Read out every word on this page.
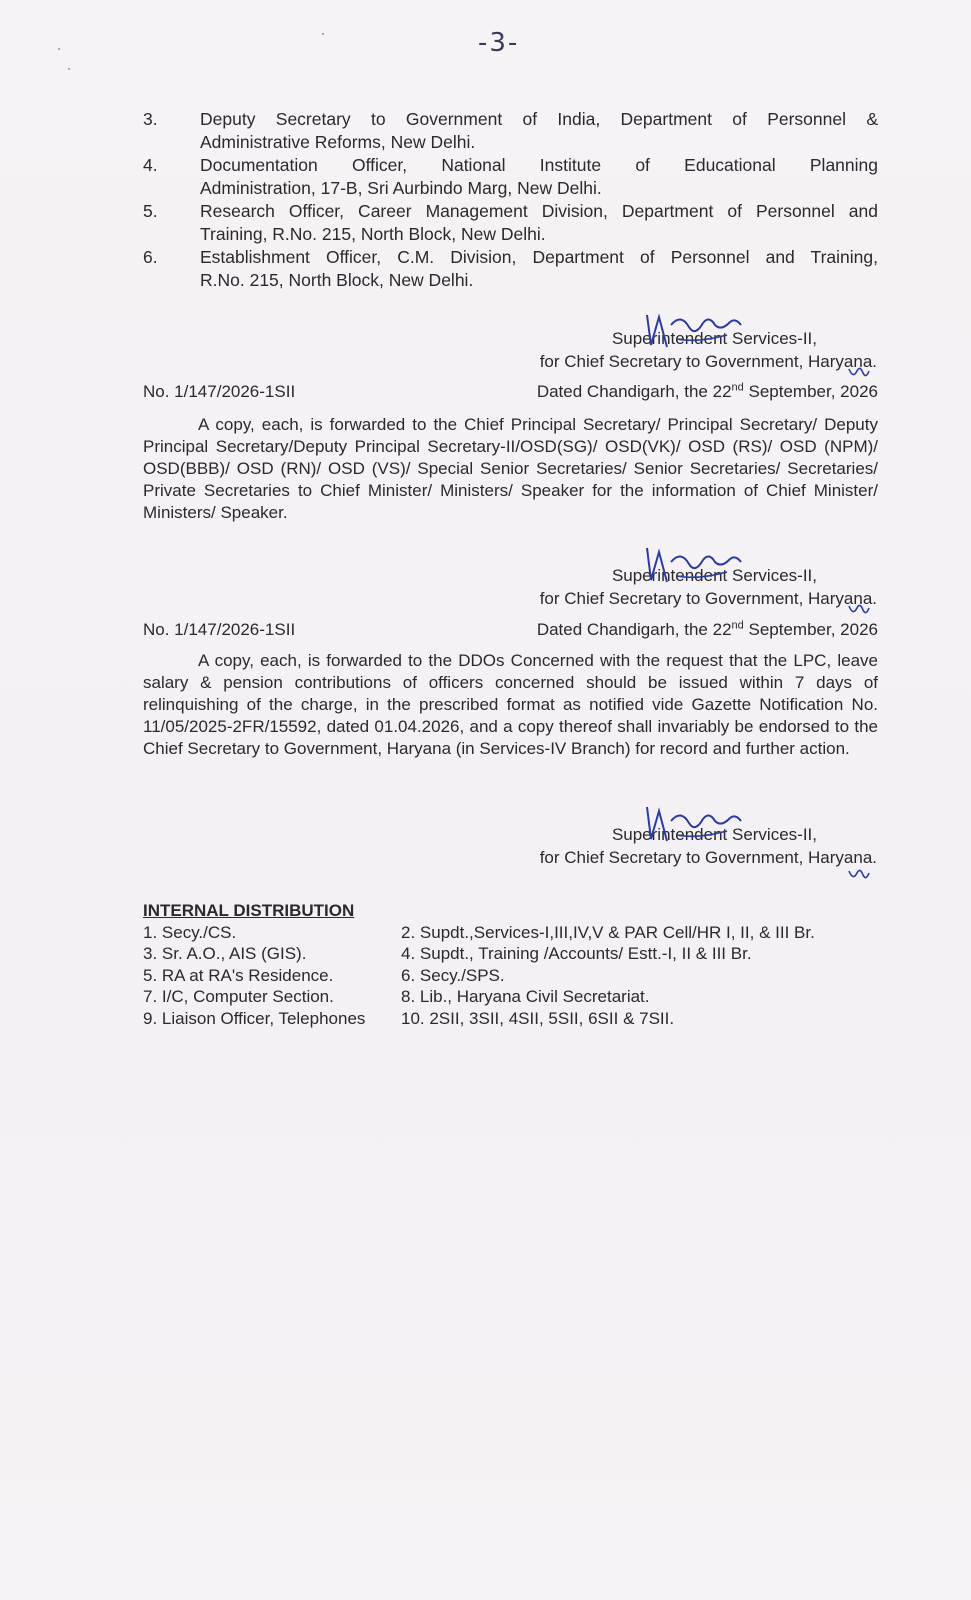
-3-
3.	Deputy Secretary to Government of India, Department of Personnel &
Administrative Reforms, New Delhi.
4.	Documentation Officer, National Institute of Educational Planning
Administration, 17-B, Sri Aurbindo Marg, New Delhi.
5.	Research Officer, Career Management Division, Department of Personnel and
Training, R.No. 215, North Block, New Delhi.
6.	Establishment Officer, C.M. Division, Department of Personnel and Training,
R.No. 215, North Block, New Delhi.
Superintendent Services-II,
for Chief Secretary to Government, Haryana.
No. 1/147/2026-1SII	Dated Chandigarh, the 22nd September, 2026
A copy, each, is forwarded to the Chief Principal Secretary/ Principal Secretary/ Deputy Principal Secretary/Deputy Principal Secretary-II/OSD(SG)/ OSD(VK)/ OSD (RS)/ OSD (NPM)/ OSD(BBB)/ OSD (RN)/ OSD (VS)/ Special Senior Secretaries/ Senior Secretaries/ Secretaries/ Private Secretaries to Chief Minister/ Ministers/ Speaker for the information of Chief Minister/ Ministers/ Speaker.
Superintendent Services-II,
for Chief Secretary to Government, Haryana.
No. 1/147/2026-1SII	Dated Chandigarh, the 22nd September, 2026
A copy, each, is forwarded to the DDOs Concerned with the request that the LPC, leave salary & pension contributions of officers concerned should be issued within 7 days of relinquishing of the charge, in the prescribed format as notified vide Gazette Notification No. 11/05/2025-2FR/15592, dated 01.04.2026, and a copy thereof shall invariably be endorsed to the Chief Secretary to Government, Haryana (in Services-IV Branch) for record and further action.
Superintendent Services-II,
for Chief Secretary to Government, Haryana.
INTERNAL DISTRIBUTION
1. Secy./CS.	2. Supdt.,Services-I,III,IV,V & PAR Cell/HR I, II, & III Br.
3. Sr. A.O., AIS (GIS).	4. Supdt., Training /Accounts/ Estt.-I, II & III Br.
5. RA at RA's Residence.	6. Secy./SPS.
7. I/C, Computer Section.	8. Lib., Haryana Civil Secretariat.
9. Liaison Officer, Telephones	10. 2SII, 3SII, 4SII, 5SII, 6SII & 7SII.
